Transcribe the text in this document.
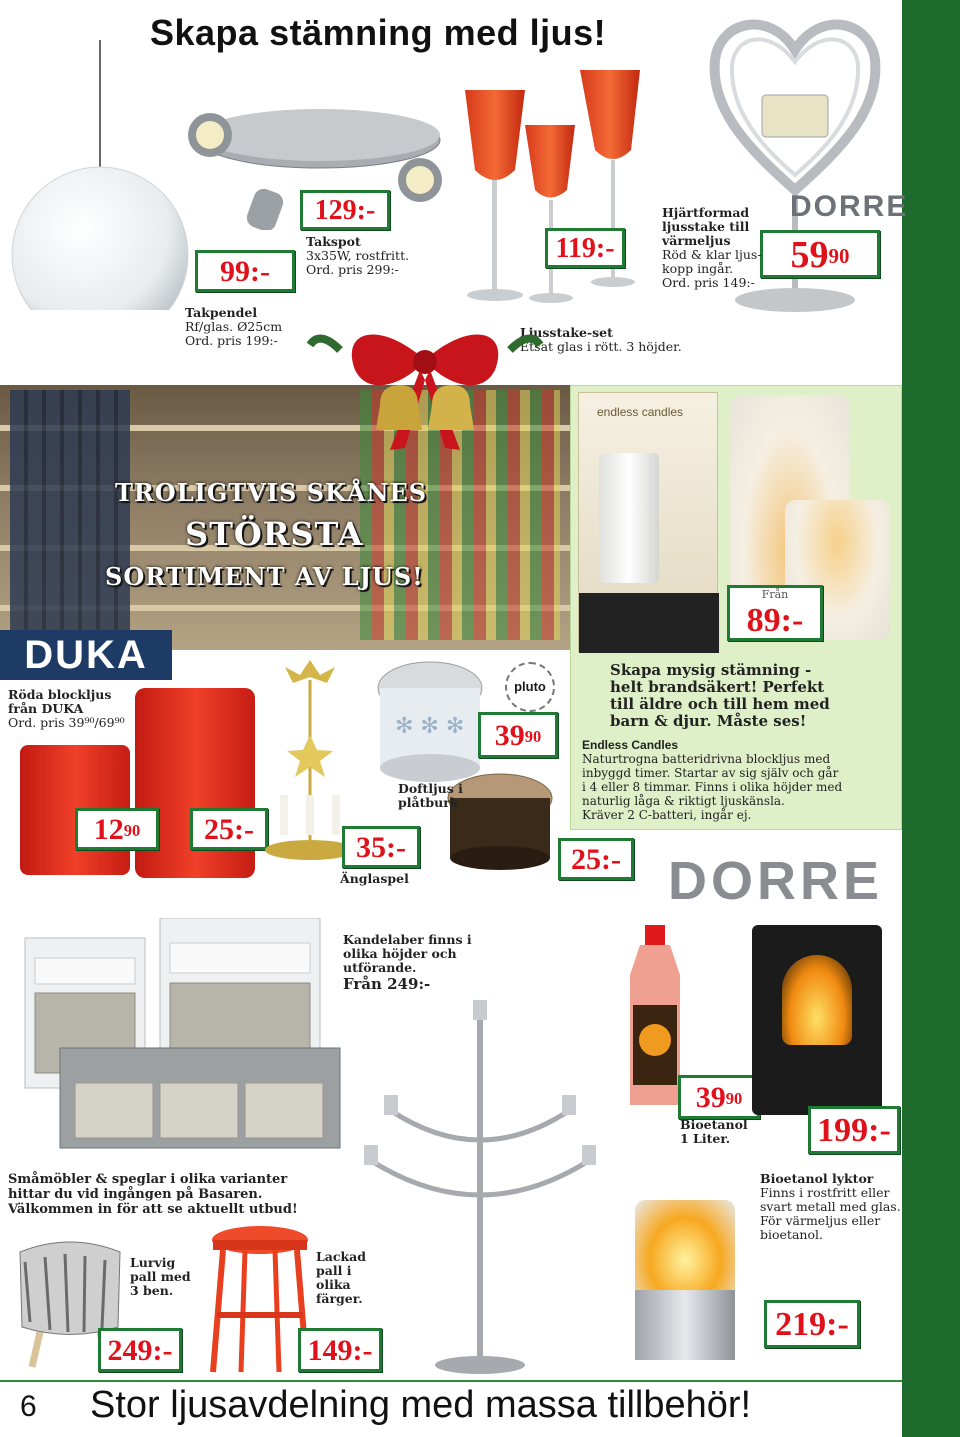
Skapa stämning med ljus!
99:-
Takpendel
Rf/glas. Ø25cm
Ord. pris 199:-
129:-
Takspot
3x35W, rostfritt.
Ord. pris 299:-
119:-
Ljusstake-set
Etsat glas i rött. 3 höjder.
DORRE
$59^{90}$
Hjärtformad
ljusstake till
värmeljus
Röd & klar ljus-
kopp ingår.
Ord. pris 149:-
TROLIGTVIS SKÅNES
STÖRSTA
SORTIMENT AV LJUS!
endless candles
Från
89:-
Skapa mysig stämning -
helt brandsäkert! Perfekt
till äldre och till hem med
barn & djur. Måste ses!
Endless Candles
Naturtrogna batteridrivna blockljus med
inbyggd timer. Startar av sig själv och går
i 4 eller 8 timmar. Finns i olika höjder med
naturlig låga & riktigt ljuskänsla.
Kräver 2 C-batteri, ingår ej.
DUKA
Röda blockljus
från DUKA
Ord. pris 39⁹⁰/69⁹⁰
$12^{90}$	25:-
35:-
Änglaspel
✻ ✻ ✻
pluto
$39^{90}$
Doftljus i
plåtburk
25:- DORRE
Kandelaber finns i
olika höjder och
utförande.
Från 249:-
$39^{90}$
Bioetanol
1 Liter.	199:-
Bioetanol lyktor
Finns i rostfritt eller
svart metall med glas.
För värmeljus eller
bioetanol.
219:-
Småmöbler & speglar i olika varianter
hittar du vid ingången på Basaren.
Välkommen in för att se aktuellt utbud!
Lurvig
pall med
3 ben.
249:-
Lackad
pall i
olika
färger.
149:-
6 Stor ljusavdelning med massa tillbehör!
